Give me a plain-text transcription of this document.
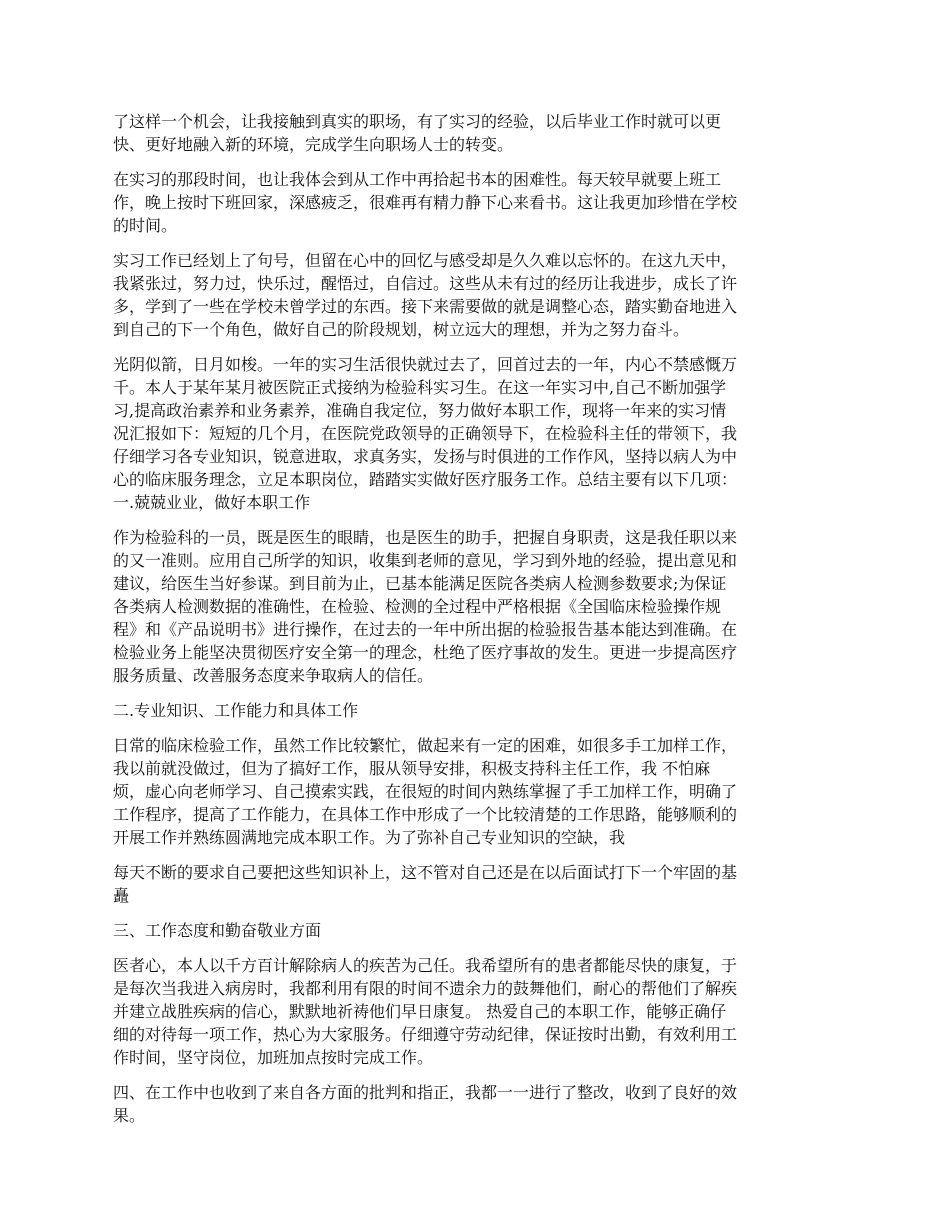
了这样一个机会，让我接触到真实的职场，有了实习的经验，以后毕业工作时就可以更
快、更好地融入新的环境，完成学生向职场人士的转变。

在实习的那段时间，也让我体会到从工作中再拾起书本的困难性。每天较早就要上班工
作，晚上按时下班回家，深感疲乏，很难再有精力静下心来看书。这让我更加珍惜在学校
的时间。

实习工作已经划上了句号，但留在心中的回忆与感受却是久久难以忘怀的。在这九天中，
我紧张过，努力过，快乐过，醒悟过，自信过。这些从未有过的经历让我进步，成长了许
多，学到了一些在学校未曾学过的东西。接下来需要做的就是调整心态，踏实勤奋地进入
到自己的下一个角色，做好自己的阶段规划，树立远大的理想，并为之努力奋斗。

光阴似箭，日月如梭。一年的实习生活很快就过去了，回首过去的一年，内心不禁感慨万
千。本人于某年某月被医院正式接纳为检验科实习生。在这一年实习中,自己不断加强学
习,提高政治素养和业务素养，准确自我定位，努力做好本职工作，现将一年来的实习情
况汇报如下：短短的几个月，在医院党政领导的正确领导下，在检验科主任的带领下，我
仔细学习各专业知识，锐意进取，求真务实，发扬与时俱进的工作作风，坚持以病人为中
心的临床服务理念，立足本职岗位，踏踏实实做好医疗服务工作。总结主要有以下几项：
一.兢兢业业，做好本职工作

作为检验科的一员，既是医生的眼睛，也是医生的助手，把握自身职责，这是我任职以来
的又一准则。应用自己所学的知识，收集到老师的意见，学习到外地的经验，提出意见和
建议，给医生当好参谋。到目前为止，已基本能满足医院各类病人检测参数要求;为保证
各类病人检测数据的准确性，在检验、检测的全过程中严格根据《全国临床检验操作规
程》和《产品说明书》进行操作，在过去的一年中所出据的检验报告基本能达到准确。在
检验业务上能坚决贯彻医疗安全第一的理念，杜绝了医疗事故的发生。更进一步提高医疗
服务质量、改善服务态度来争取病人的信任。

二.专业知识、工作能力和具体工作

日常的临床检验工作，虽然工作比较繁忙，做起来有一定的困难，如很多手工加样工作，
我以前就没做过，但为了搞好工作，服从领导安排，积极支持科主任工作，我 不怕麻
烦，虚心向老师学习、自己摸索实践，在很短的时间内熟练掌握了手工加样工作，明确了
工作程序，提高了工作能力，在具体工作中形成了一个比较清楚的工作思路，能够顺利的
开展工作并熟练圆满地完成本职工作。为了弥补自己专业知识的空缺，我

每天不断的要求自己要把这些知识补上，这不管对自己还是在以后面试打下一个牢固的基
矗

三、工作态度和勤奋敬业方面

医者心，本人以千方百计解除病人的疾苦为己任。我希望所有的患者都能尽快的康复，于
是每次当我进入病房时，我都利用有限的时间不遗余力的鼓舞他们，耐心的帮他们了解疾
并建立战胜疾病的信心，默默地祈祷他们早日康复。 热爱自己的本职工作，能够正确仔
细的对待每一项工作，热心为大家服务。仔细遵守劳动纪律，保证按时出勤，有效利用工
作时间，坚守岗位，加班加点按时完成工作。

四、在工作中也收到了来自各方面的批判和指正，我都一一进行了整改，收到了良好的效
果。
